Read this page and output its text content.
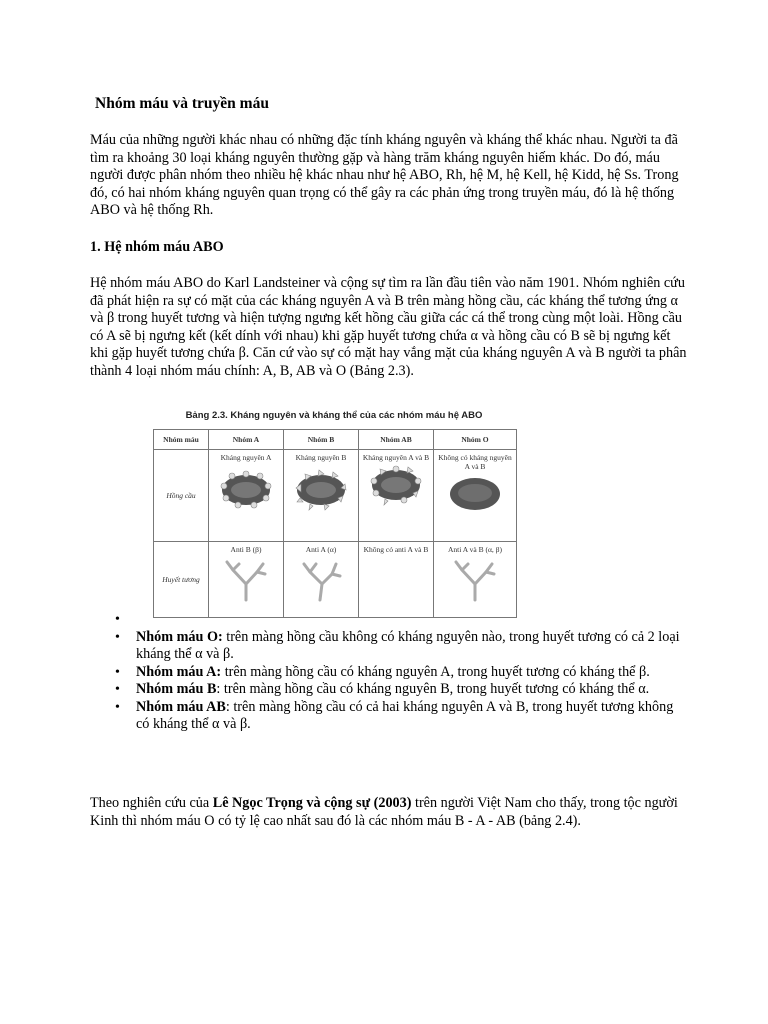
Nhóm máu và truyền máu

Máu của những người khác nhau có những đặc tính kháng nguyên và kháng thể khác nhau. Người ta đã tìm ra khoảng 30 loại kháng nguyên thường gặp và hàng trăm kháng nguyên hiếm khác. Do đó, máu người được phân nhóm theo nhiều hệ khác nhau như hệ ABO, Rh, hệ M, hệ Kell, hệ Kidd, hệ Ss. Trong đó, có hai nhóm kháng nguyên quan trọng có thể gây ra các phản ứng trong truyền máu, đó là hệ thống ABO và hệ thống Rh.

1. Hệ nhóm máu ABO

Hệ nhóm máu ABO do Karl Landsteiner và cộng sự tìm ra lần đầu tiên vào năm 1901. Nhóm nghiên cứu đã phát hiện ra sự có mặt của các kháng nguyên A và B trên màng hồng cầu, các kháng thể tương ứng α và β trong huyết tương và hiện tượng ngưng kết hồng cầu giữa các cá thể trong cùng một loài. Hồng cầu có A sẽ bị ngưng kết (kết dính với nhau) khi gặp huyết tương chứa α và hồng cầu có B sẽ bị ngưng kết khi gặp huyết tương chứa β. Căn cứ vào sự có mặt hay vắng mặt của kháng nguyên A và B người ta phân thành 4 loại nhóm máu chính: A, B, AB và O (Bảng 2.3).

Bảng 2.3. Kháng nguyên và kháng thể của các nhóm máu hệ ABO
Nhóm máu	Nhóm A	Nhóm B	Nhóm AB	Nhóm O
Hồng cầu	Kháng nguyên A	Kháng nguyên B	Kháng nguyên A và B	Không có kháng nguyên A và B

Huyết tương	Anti B (β)	Anti A (α)	Không có anti A và B	Anti A và B (α, β)
•
• Nhóm máu O: trên màng hồng cầu không có kháng nguyên nào, trong huyết tương có cả 2 loại kháng thể α và β.
• Nhóm máu A: trên màng hồng cầu có kháng nguyên A, trong huyết tương có kháng thể β.
• Nhóm máu B: trên màng hồng cầu có kháng nguyên B, trong huyết tương có kháng thể α.
• Nhóm máu AB: trên màng hồng cầu có cả hai kháng nguyên A và B, trong huyết tương không có kháng thể α và β.

Theo nghiên cứu của Lê Ngọc Trọng và cộng sự (2003) trên người Việt Nam cho thấy, trong tộc người Kinh thì nhóm máu O có tỷ lệ cao nhất sau đó là các nhóm máu B - A - AB (bảng 2.4).
